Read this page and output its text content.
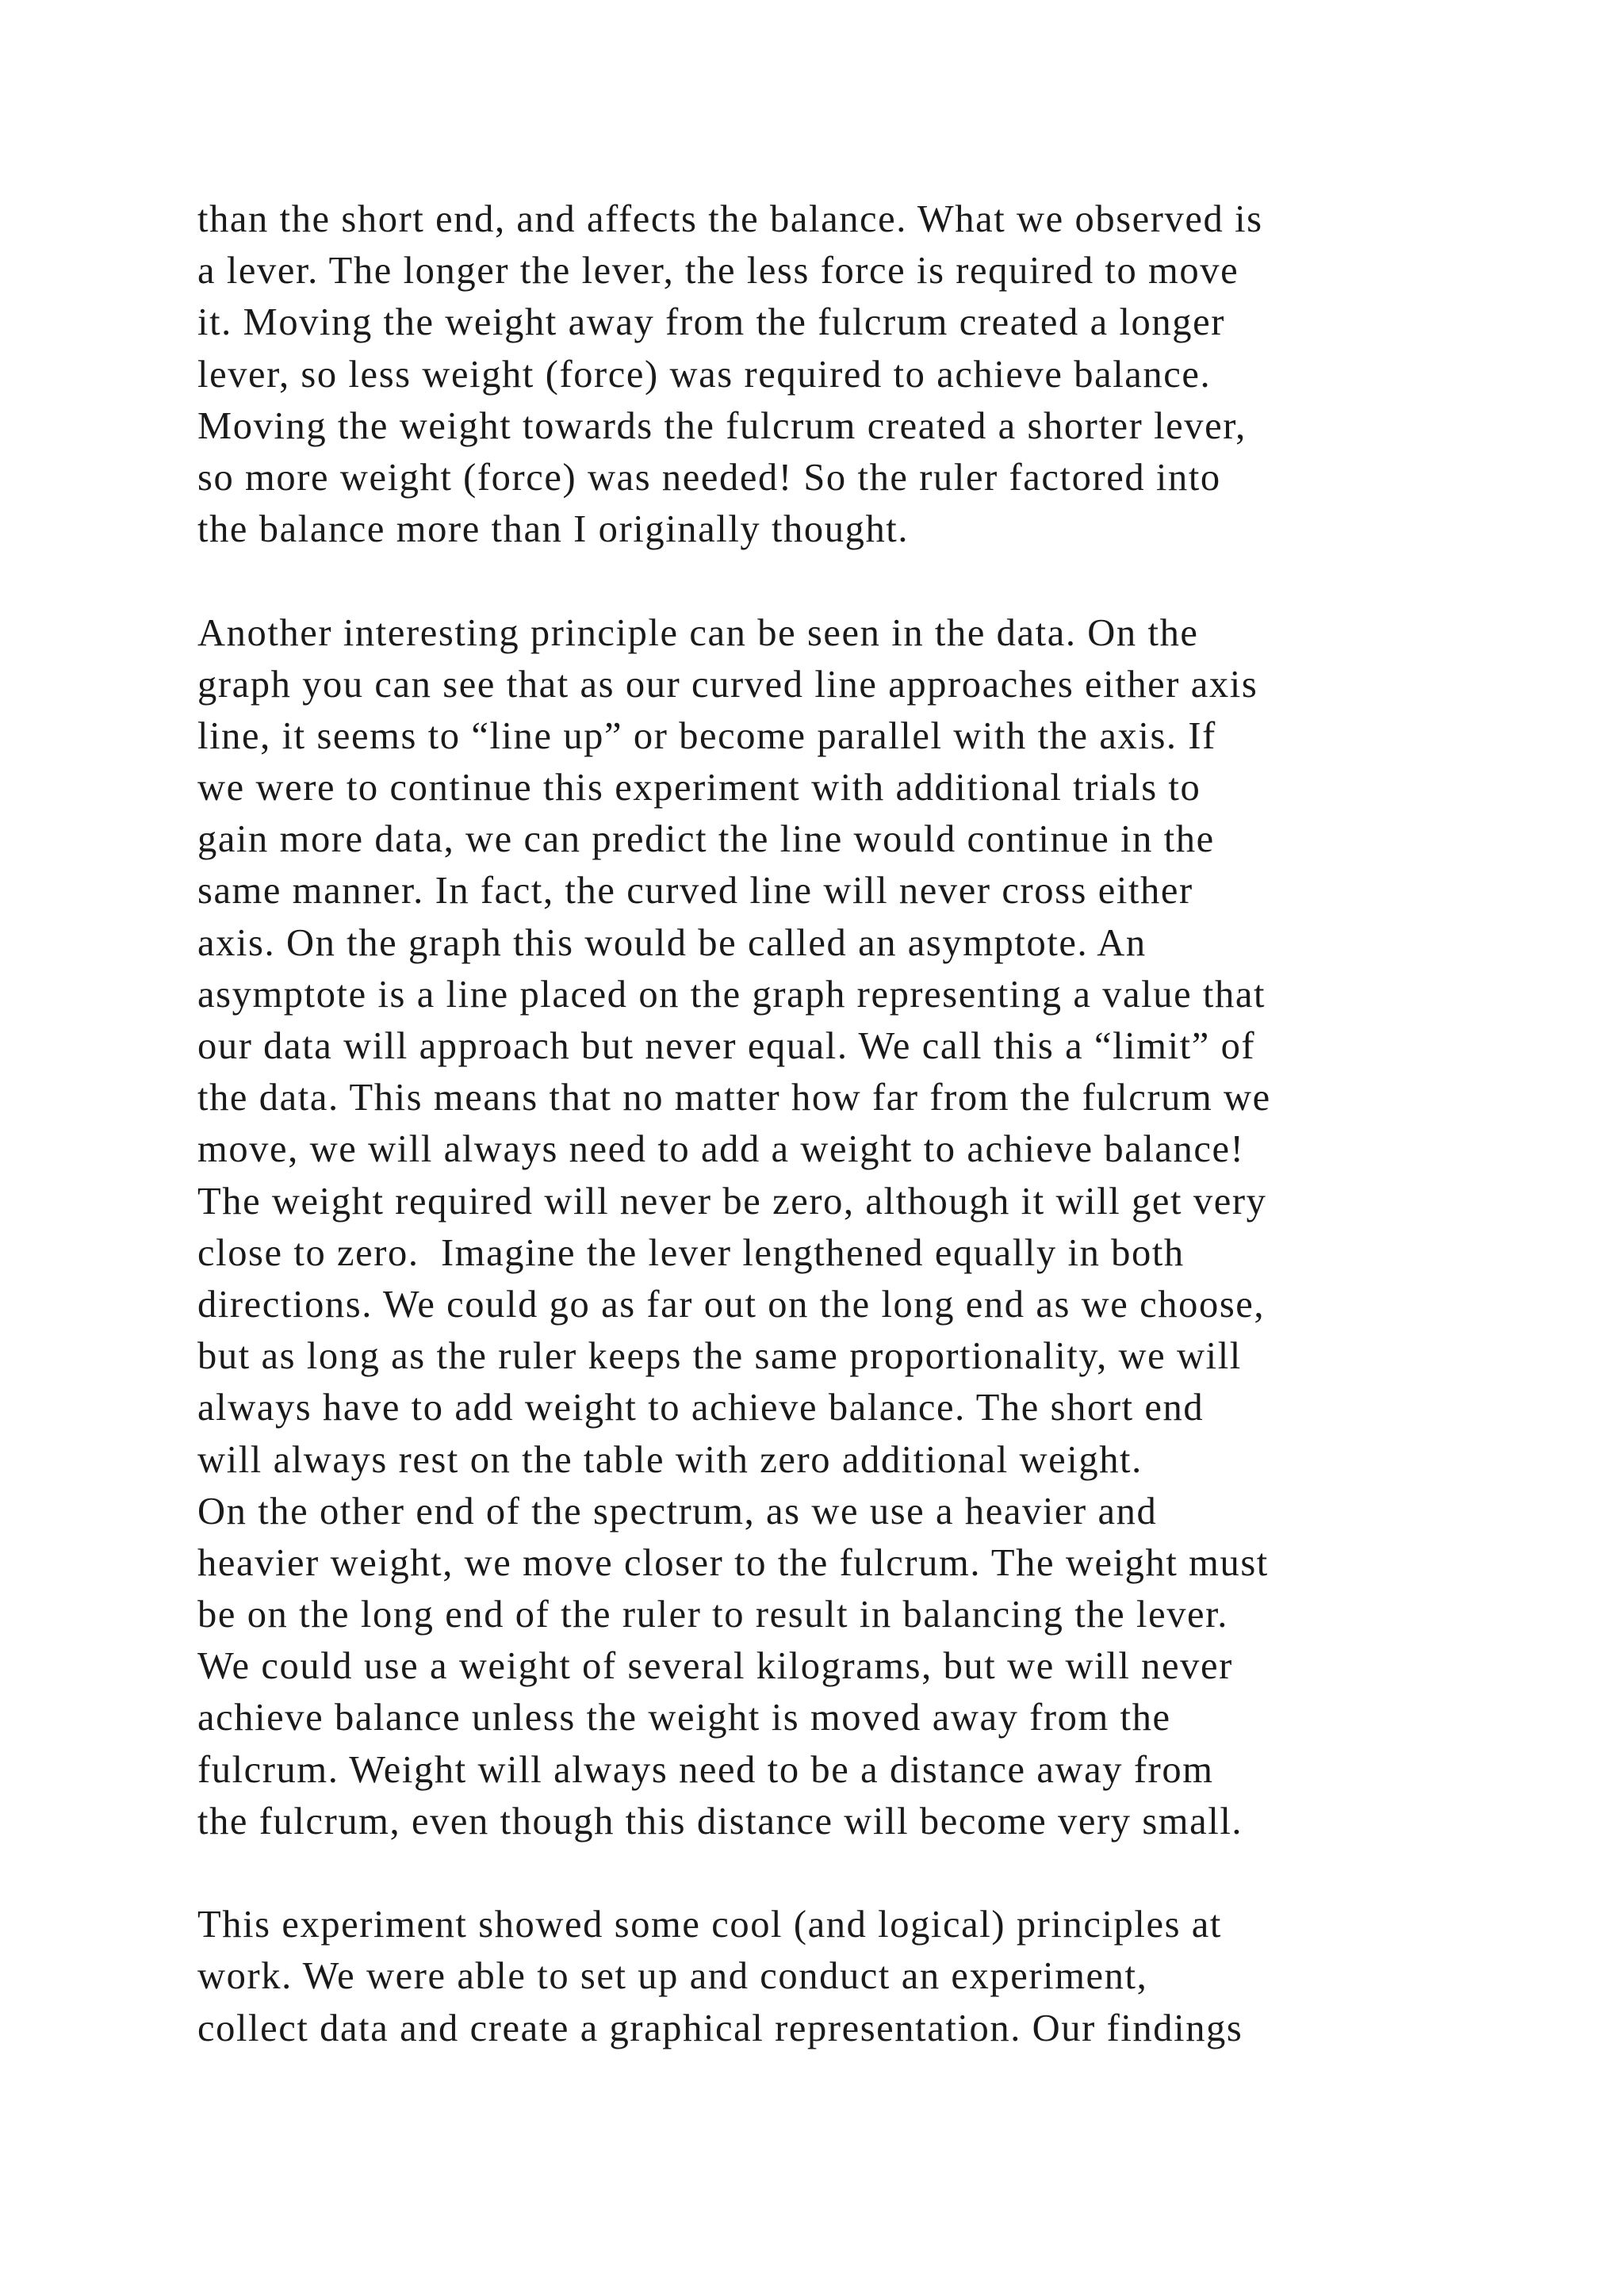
than the short end, and affects the balance. What we observed is
a lever. The longer the lever, the less force is required to move
it. Moving the weight away from the fulcrum created a longer
lever, so less weight (force) was required to achieve balance.
Moving the weight towards the fulcrum created a shorter lever,
so more weight (force) was needed! So the ruler factored into
the balance more than I originally thought.
Another interesting principle can be seen in the data. On the
graph you can see that as our curved line approaches either axis
line, it seems to “line up” or become parallel with the axis. If
we were to continue this experiment with additional trials to
gain more data, we can predict the line would continue in the
same manner. In fact, the curved line will never cross either
axis. On the graph this would be called an asymptote. An
asymptote is a line placed on the graph representing a value that
our data will approach but never equal. We call this a “limit” of
the data. This means that no matter how far from the fulcrum we
move, we will always need to add a weight to achieve balance!
The weight required will never be zero, although it will get very
close to zero.  Imagine the lever lengthened equally in both
directions. We could go as far out on the long end as we choose,
but as long as the ruler keeps the same proportionality, we will
always have to add weight to achieve balance. The short end
will always rest on the table with zero additional weight.
On the other end of the spectrum, as we use a heavier and
heavier weight, we move closer to the fulcrum. The weight must
be on the long end of the ruler to result in balancing the lever.
We could use a weight of several kilograms, but we will never
achieve balance unless the weight is moved away from the
fulcrum. Weight will always need to be a distance away from
the fulcrum, even though this distance will become very small.
This experiment showed some cool (and logical) principles at
work. We were able to set up and conduct an experiment,
collect data and create a graphical representation. Our findings
